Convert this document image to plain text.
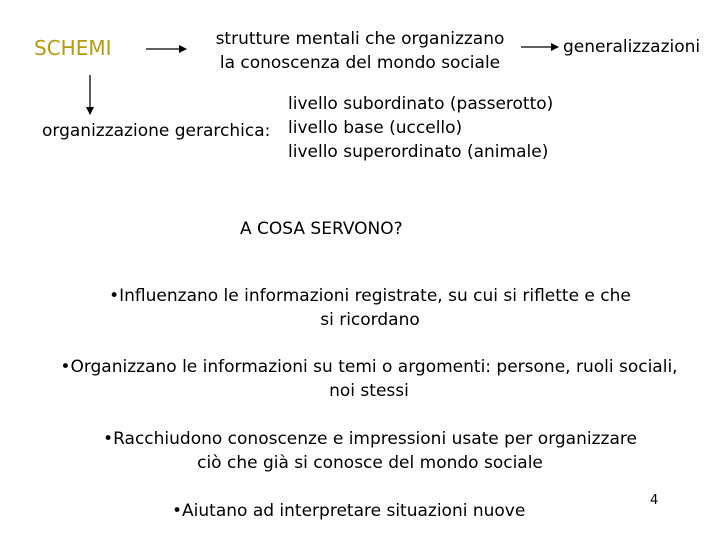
SCHEMI	strutture mentali che organizzano
la conoscenza del mondo sociale
generalizzazioni
organizzazione gerarchica:
livello subordinato (passerotto)
livello base (uccello)
livello superordinato (animale)
A COSA SERVONO?
•Influenzano le informazioni registrate, su cui si riflette e che
si ricordano
•Organizzano le informazioni su temi o argomenti: persone, ruoli sociali,
noi stessi
•Racchiudono conoscenze e impressioni usate per organizzare
ciò che già si conosce del mondo sociale
•Aiutano ad interpretare situazioni nuove
4
